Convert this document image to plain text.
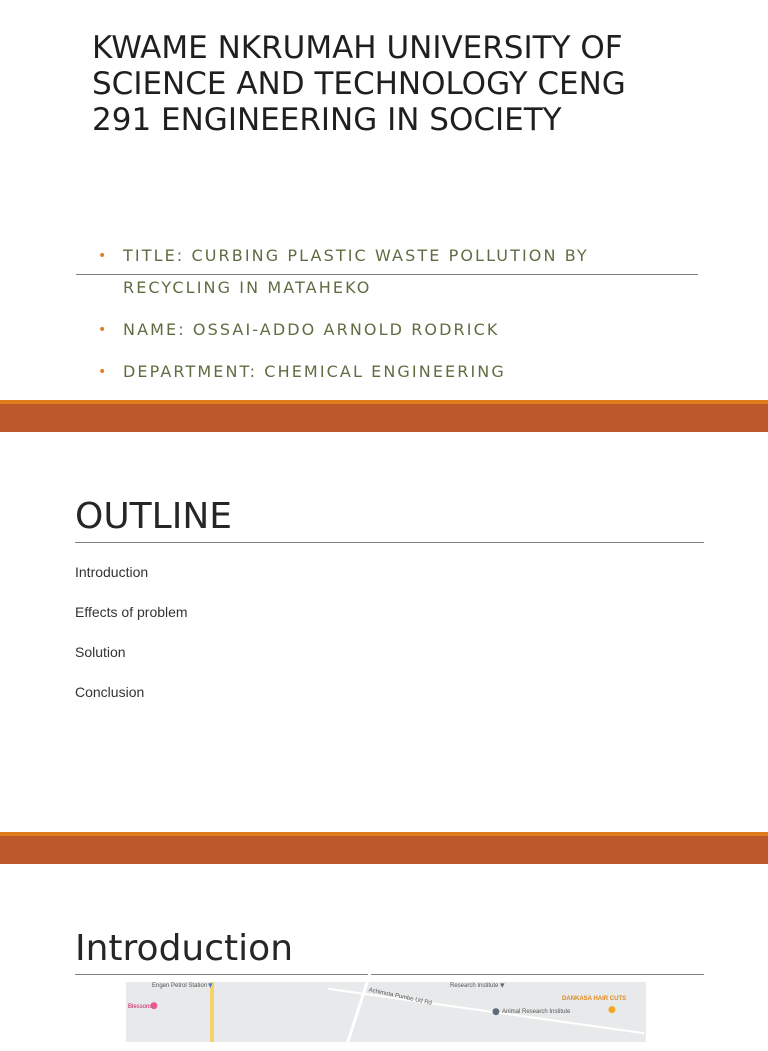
KWAME NKRUMAH UNIVERSITY OF SCIENCE AND TECHNOLOGY CENG 291 ENGINEERING IN SOCIETY
• TITLE: CURBING PLASTIC WASTE POLLUTION BY RECYCLING IN MATAHEKO
• NAME: OSSAI-ADDO ARNOLD RODRICK
• DEPARTMENT: CHEMICAL ENGINEERING
OUTLINE
Introduction
Effects of problem
Solution
Conclusion
Introduction
Engen Petrol Station ▾
Blessons
●	Achimota Pumbe Ud Rd
Research Institute ▾
● Animal Research Institute
DANKASA HAIR CUTS
●
